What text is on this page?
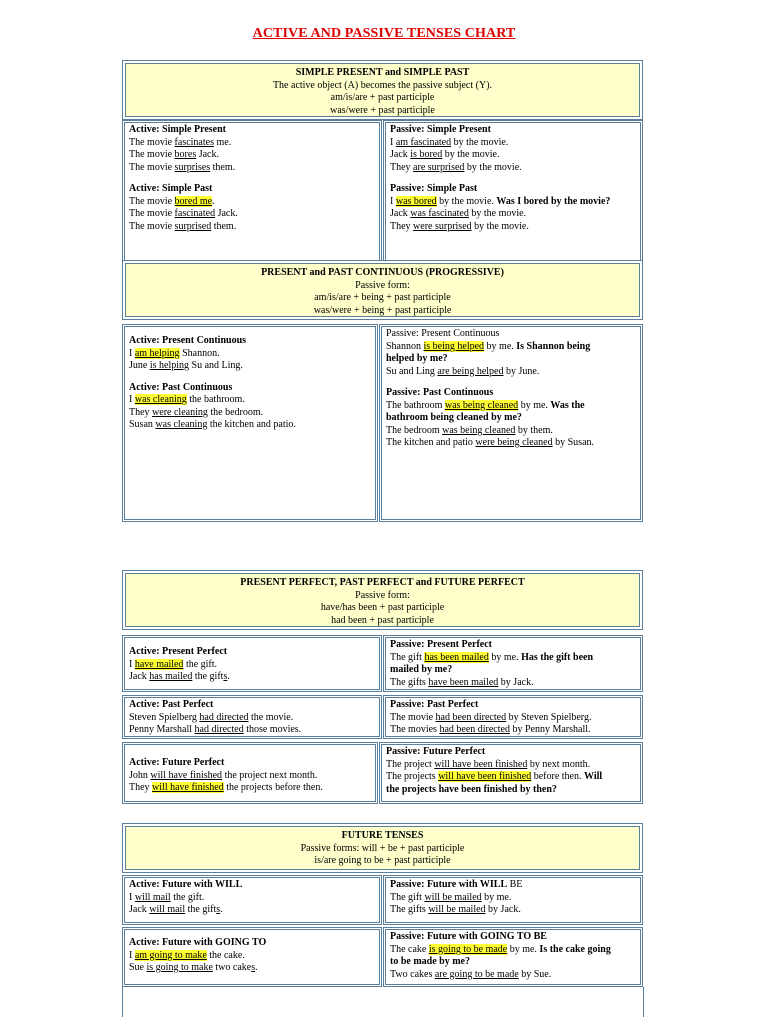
ACTIVE AND PASSIVE TENSES CHART
SIMPLE PRESENT and SIMPLE PAST
The active object (A) becomes the passive subject (Y).
am/is/are + past participle
was/were + past participle
Active: Simple Present
The movie fascinates me.
The movie bores Jack.
The movie surprises them.
Active: Simple Past
The movie bored me.
The movie fascinated Jack.
The movie surprised them.
Passive: Simple Present
I am fascinated by the movie.
Jack is bored by the movie.
They are surprised by the movie.
Passive: Simple Past
I was bored by the movie. Was I bored by the movie?
Jack was fascinated by the movie.
They were surprised by the movie.
PRESENT and PAST CONTINUOUS (PROGRESSIVE)
Passive form:
am/is/are + being + past participle
was/were + being + past participle
Active: Present Continuous
I am helping Shannon.
June is helping Su and Ling.
Active: Past Continuous
I was cleaning the bathroom.
They were cleaning the bedroom.
Susan was cleaning the kitchen and patio.
Passive: Present Continuous
Shannon is being helped by me. Is Shannon being
helped by me?
Su and Ling are being helped by June.
Passive: Past Continuous
The bathroom was being cleaned by me. Was the
bathroom being cleaned by me?
The bedroom was being cleaned by them.
The kitchen and patio were being cleaned by Susan.
PRESENT PERFECT, PAST PERFECT and FUTURE PERFECT
Passive form:
have/has been + past participle
had been + past participle
Active: Present Perfect
I have mailed the gift.
Jack has mailed the gifts.
Passive: Present Perfect
The gift has been mailed by me. Has the gift been
mailed by me?
The gifts have been mailed by Jack.
Active: Past Perfect
Steven Spielberg had directed the movie.
Penny Marshall had directed those movies.
Passive: Past Perfect
The movie had been directed by Steven Spielberg.
The movies had been directed by Penny Marshall.
Active: Future Perfect
John will have finished the project next month.
They will have finished the projects before then.
Passive: Future Perfect
The project will have been finished by next month.
The projects will have been finished before then. Will
the projects have been finished by then?
FUTURE TENSES
Passive forms: will + be + past participle
is/are going to be + past participle
Active: Future with WILL
I will mail the gift.
Jack will mail the gifts.
Passive: Future with WILL BE
The gift will be mailed by me.
The gifts will be mailed by Jack.
Active: Future with GOING TO
I am going to make the cake.
Sue is going to make two cakes.
Passive: Future with GOING TO BE
The cake is going to be made by me. Is the cake going
to be made by me?
Two cakes are going to be made by Sue.
